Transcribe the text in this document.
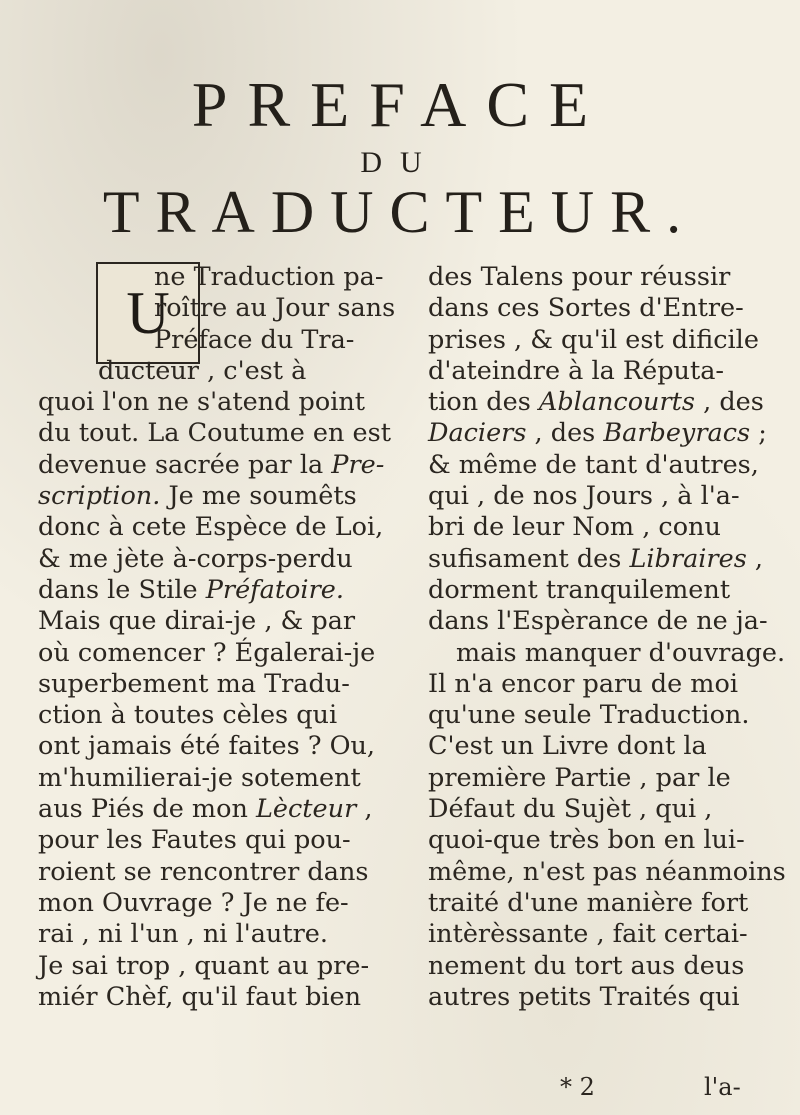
PREFACE
DU
TRADUCTEUR.
U
ne Traduction pa-
roître au Jour sans
Préface du Tra-
ducteur , c'est à
quoi l'on ne s'atend point
du tout. La Coutume en est
devenue sacrée par la Pre-
scription. Je me soumêts
donc à cete Espèce de Loi,
& me jète à-corps-perdu
dans le Stile Préfatoire.
Mais que dirai-je , & par
où comencer ? Égalerai-je
superbement ma Tradu-
ction à toutes cèles qui
ont jamais été faites ? Ou,
m'humilierai-je sotement
aus Piés de mon Lècteur ,
pour les Fautes qui pou-
roient se rencontrer dans
mon Ouvrage ? Je ne fe-
rai , ni l'un , ni l'autre.
Je sai trop , quant au pre-
miér Chèf, qu'il faut bien
des Talens pour réussir
dans ces Sortes d'Entre-
prises , & qu'il est dificile
d'ateindre à la Réputa-
tion des Ablancourts , des
Daciers , des Barbeyracs ;
& même de tant d'autres,
qui , de nos Jours , à l'a-
bri de leur Nom , conu
sufisament des Libraires ,
dorment tranquilement
dans l'Espèrance de ne ja-
mais manquer d'ouvrage.
Il n'a encor paru de moi
qu'une seule Traduction.
C'est un Livre dont la
première Partie , par le
Défaut du Sujèt , qui ,
quoi-que très bon en lui-
même, n'est pas néanmoins
traité d'une manière fort
intèrèssante , fait certai-
nement du tort aus deus
autres petits Traités qui
* 2	l'a-
